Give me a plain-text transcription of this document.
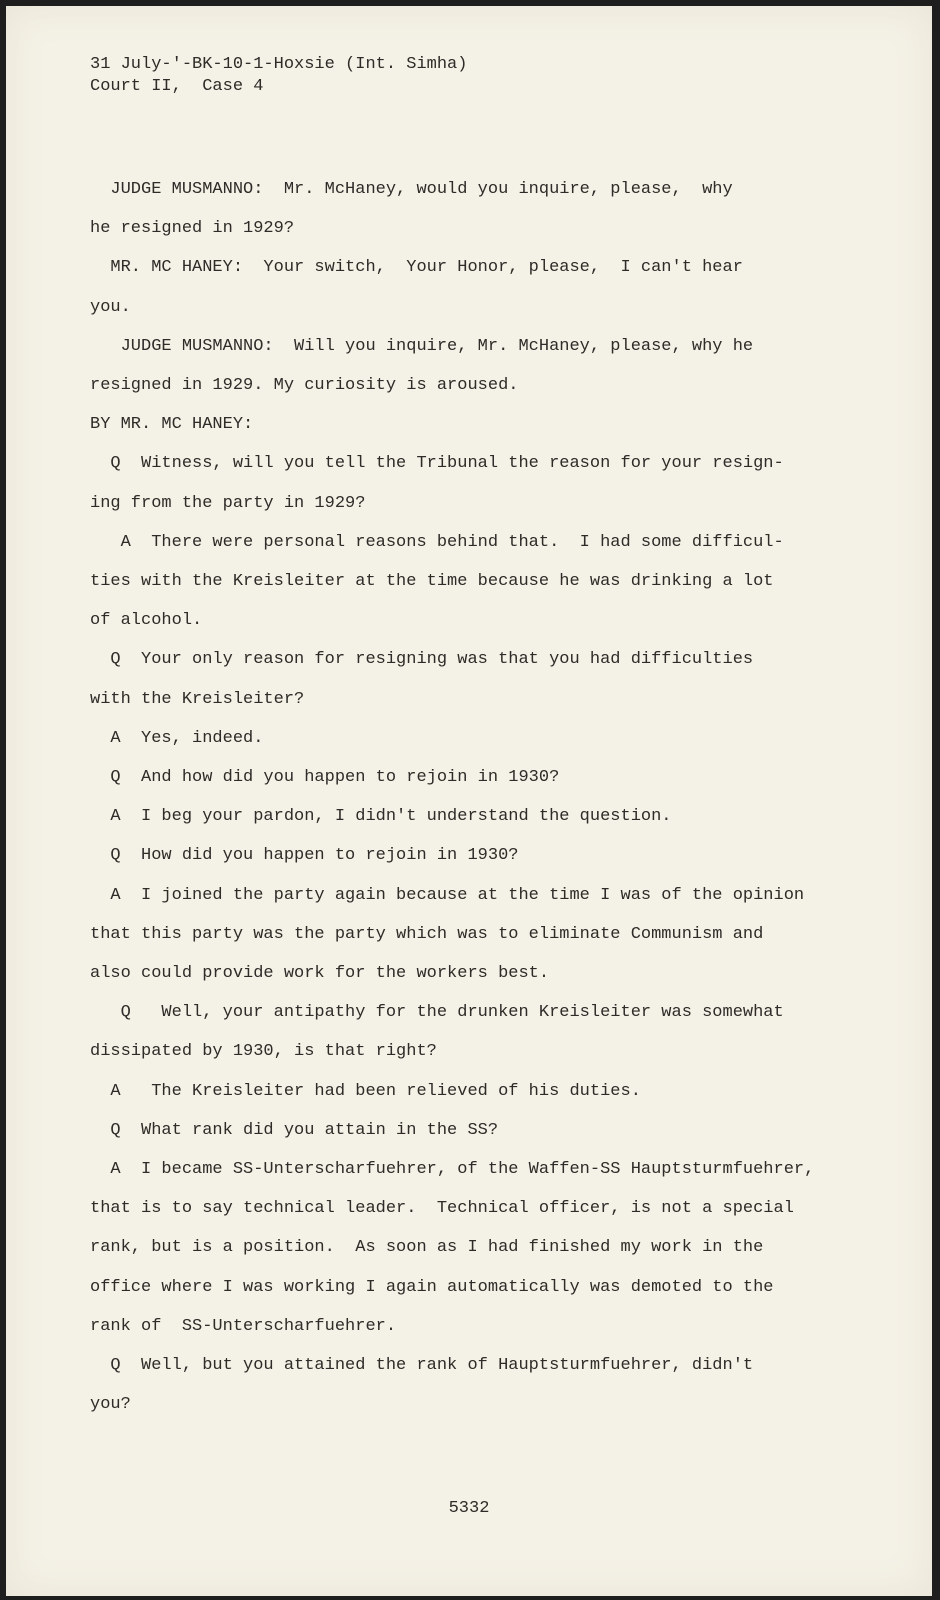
31 July-'-BK-10-1-Hoxsie (Int. Simha)
Court II,  Case 4

JUDGE MUSMANNO:  Mr. McHaney, would you inquire, please,  why

he resigned in 1929?

MR. MC HANEY:  Your switch,  Your Honor, please,  I can't hear

you.

JUDGE MUSMANNO:  Will you inquire, Mr. McHaney, please, why he

resigned in 1929. My curiosity is aroused.

BY MR. MC HANEY:

Q  Witness, will you tell the Tribunal the reason for your resign-

ing from the party in 1929?

A  There were personal reasons behind that.  I had some difficul-

ties with the Kreisleiter at the time because he was drinking a lot

of alcohol.

Q  Your only reason for resigning was that you had difficulties

with the Kreisleiter?

A  Yes, indeed.

Q  And how did you happen to rejoin in 1930?

A  I beg your pardon, I didn't understand the question.

Q  How did you happen to rejoin in 1930?

A  I joined the party again because at the time I was of the opinion

that this party was the party which was to eliminate Communism and

also could provide work for the workers best.

Q   Well, your antipathy for the drunken Kreisleiter was somewhat

dissipated by 1930, is that right?

A   The Kreisleiter had been relieved of his duties.

Q  What rank did you attain in the SS?

A  I became SS-Unterscharfuehrer, of the Waffen-SS Hauptsturmfuehrer,

that is to say technical leader.  Technical officer, is not a special

rank, but is a position.  As soon as I had finished my work in the

office where I was working I again automatically was demoted to the

rank of  SS-Unterscharfuehrer.

Q  Well, but you attained the rank of Hauptsturmfuehrer, didn't

you?

5332
